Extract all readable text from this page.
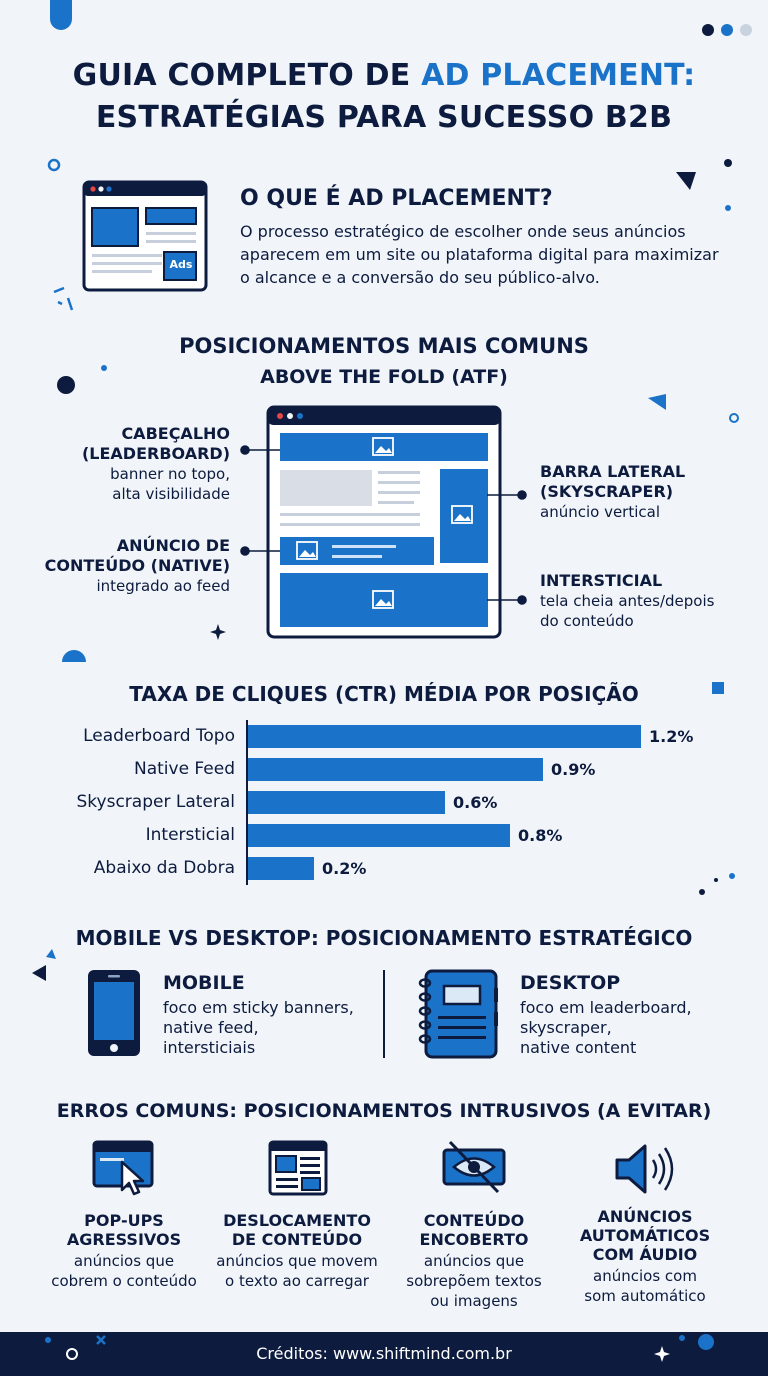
GUIA COMPLETO DE AD PLACEMENT:
ESTRATÉGIAS PARA SUCESSO B2B
Ads
O QUE É AD PLACEMENT?
O processo estratégico de escolher onde seus anúncios aparecem em um site ou plataforma digital para maximizar o alcance e a conversão do seu público-alvo.
POSICIONAMENTOS MAIS COMUNS
ABOVE THE FOLD (ATF)
CABEÇALHO
(LEADERBOARD)
banner no topo,
alta visibilidade
ANÚNCIO DE
CONTEÚDO (NATIVE)
integrado ao feed
BARRA LATERAL
(SKYSCRAPER)
anúncio vertical
INTERSTICIAL
tela cheia antes/depois
do conteúdo
TAXA DE CLIQUES (CTR) MÉDIA POR POSIÇÃO
Leaderboard Topo	1.2%
Native Feed	0.9%
Skyscraper Lateral	0.6%
Intersticial	0.8%
Abaixo da Dobra	0.2%
MOBILE VS DESKTOP: POSICIONAMENTO ESTRATÉGICO
MOBILE
foco em sticky banners,
native feed,
intersticiais
DESKTOP
foco em leaderboard,
skyscraper,
native content
ERROS COMUNS: POSICIONAMENTOS INTRUSIVOS (A EVITAR)
POP-UPS
AGRESSIVOS
anúncios que
cobrem o conteúdo
DESLOCAMENTO
DE CONTEÚDO
anúncios que movem
o texto ao carregar
CONTEÚDO
ENCOBERTO
anúncios que
sobrepõem textos
ou imagens
ANÚNCIOS
AUTOMÁTICOS
COM ÁUDIO
anúncios com
som automático
Créditos: www.shiftmind.com.br
